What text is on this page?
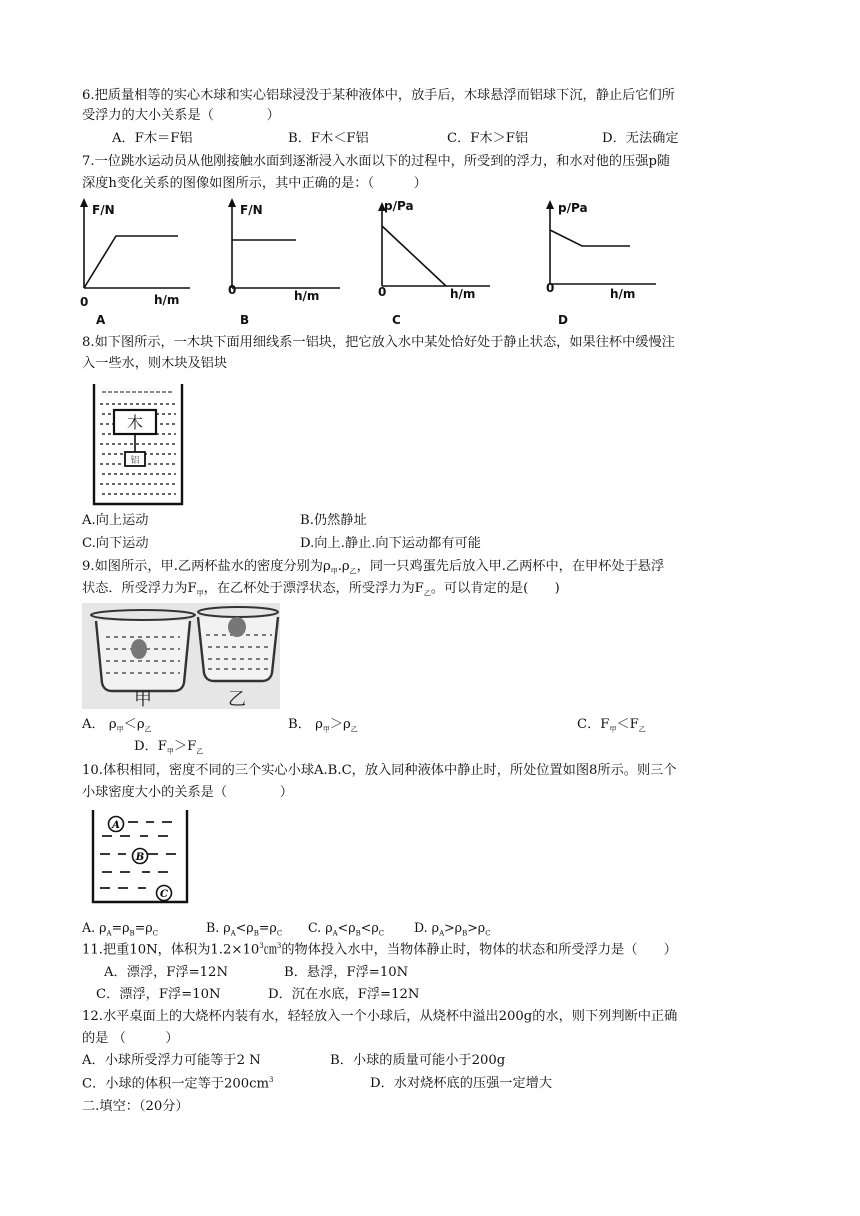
6.把质量相等的实心木球和实心铝球浸没于某种液体中，放手后，木球悬浮而铝球下沉，静止后它们所
受浮力的大小关系是（　　　　）
A．F木＝F铝	B．F木＜F铝	C．F木＞F铝	D．无法确定
7.一位跳水运动员从他刚接触水面到逐渐浸入水面以下的过程中，所受到的浮力，和水对他的压强p随
深度h变化关系的图像如图所示，其中正确的是：（　　　）
F/N
0	h/m
A
F/N
0	h/m
B
p/Pa
0	h/m
C
p/Pa
0	h/m
D
8.如下图所示，一木块下面用细线系一铝块，把它放入水中某处恰好处于静止状态，如果往杯中缓慢注
入一些水，则木块及铝块
木
铝
A.向上运动	B.仍然静址
C.向下运动	D.向上.静止.向下运动都有可能
9.如图所示，甲.乙两杯盐水的密度分别为$\rho_甲.\rho_乙$，同一只鸡蛋先后放入甲.乙两杯中，在甲杯处于悬浮
状态．所受浮力为$F_甲$，在乙杯处于漂浮状态，所受浮力为$F_乙$。可以肯定的是(　　)
甲	乙
A． $\rho_甲<\rho_乙$	B． $\rho_甲>\rho_乙$	C．$F_甲<F_乙$
D．$F_甲>F_乙$
10.体积相同，密度不同的三个实心小球A.B.C，放入同种液体中静止时，所处位置如图8所示。则三个
小球密度大小的关系是（　　　　）
A
B
C
A. $\rho_A=\rho_B=\rho_C$	B. $\rho_A<\rho_B=\rho_C$ C. $\rho_A<\rho_B<\rho_C$ D. $\rho_A>\rho_B>\rho_C$
11.把重10N，体积为$1.2\times 10^3㎝^3$的物体投入水中，当物体静止时，物体的状态和所受浮力是（　　）
A．漂浮，F浮=12N	B．悬浮，F浮=10N
C．漂浮，F浮=10N	D．沉在水底，F浮=12N
12.水平桌面上的大烧杯内装有水，轻轻放入一个小球后，从烧杯中溢出200g的水，则下列判断中正确
的是 （　　　）
A．小球所受浮力可能等于2 N	B．小球的质量可能小于200g
C．小球的体积一定等于$200cm^3$	D．水对烧杯底的压强一定增大
二.填空：（20分）
